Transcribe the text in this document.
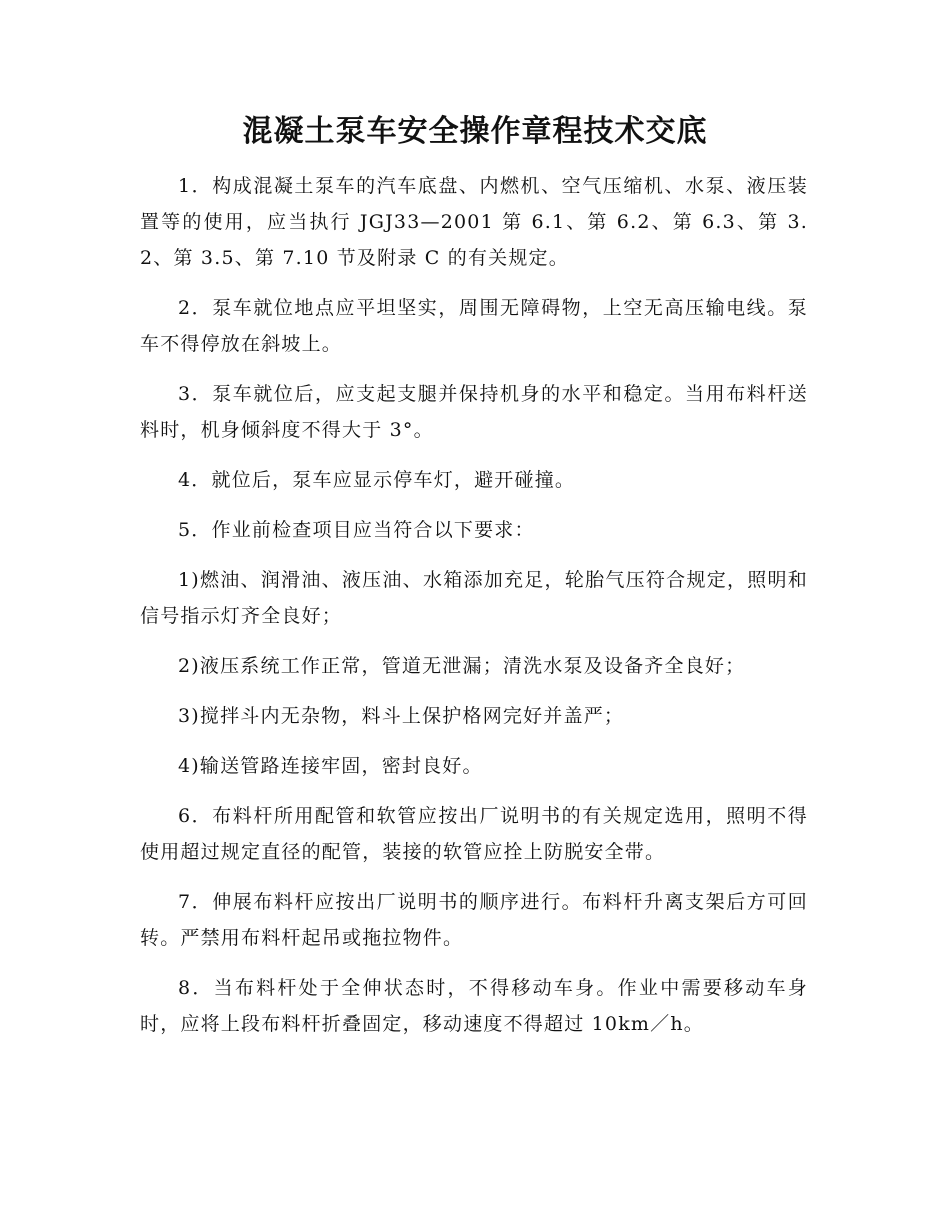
混凝土泵车安全操作章程技术交底

1．构成混凝土泵车的汽车底盘、内燃机、空气压缩机、水泵、液压装置等的使用，应当执行 JGJ33—2001 第 6.1、第 6.2、第 6.3、第 3.2、第 3.5、第 7.10 节及附录 C 的有关规定。

2．泵车就位地点应平坦坚实，周围无障碍物，上空无高压输电线。泵车不得停放在斜坡上。

3．泵车就位后，应支起支腿并保持机身的水平和稳定。当用布料杆送料时，机身倾斜度不得大于 3°。

4．就位后，泵车应显示停车灯，避开碰撞。

5．作业前检查项目应当符合以下要求：

1)燃油、润滑油、液压油、水箱添加充足，轮胎气压符合规定，照明和信号指示灯齐全良好；

2)液压系统工作正常，管道无泄漏；清洗水泵及设备齐全良好；

3)搅拌斗内无杂物，料斗上保护格网完好并盖严；

4)输送管路连接牢固，密封良好。

6．布料杆所用配管和软管应按出厂说明书的有关规定选用，照明不得使用超过规定直径的配管，装接的软管应拴上防脱安全带。

7．伸展布料杆应按出厂说明书的顺序进行。布料杆升离支架后方可回转。严禁用布料杆起吊或拖拉物件。

8．当布料杆处于全伸状态时，不得移动车身。作业中需要移动车身时，应将上段布料杆折叠固定，移动速度不得超过 10km／h。
